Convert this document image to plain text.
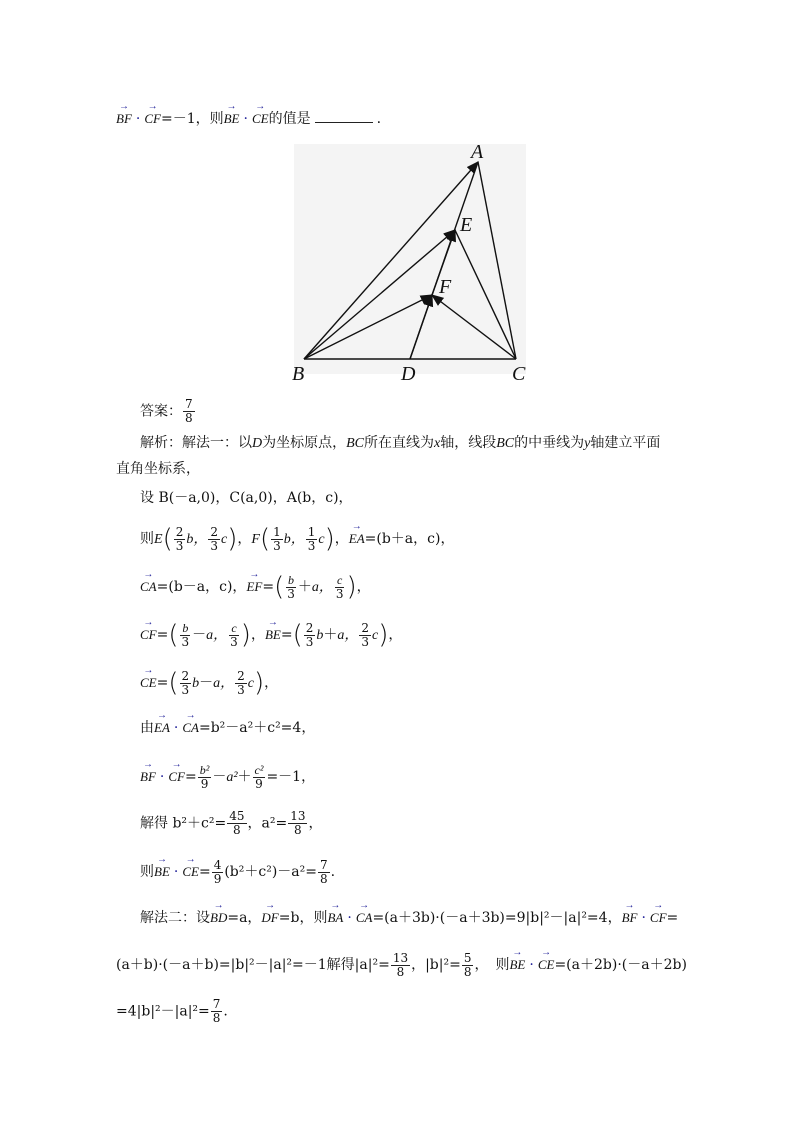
→ BF · → CF=－1，则→ BE · → CE的值是	.
A
E
F
B	D	C
答案： $\frac{7}{8}$
解析：解法一：以D为坐标原点，BC所在直线为x轴，线段BC的中垂线为y轴建立平面
直角坐标系，
设 B(－a,0)，C(a,0)，A(b，c)，
则$E( \frac{2}{3}$ b， $\frac{2}{3} c$)，$F( \frac{1}{3}$ b， $\frac{1}{3} c$)，→ EA=(b＋a，c)，
→ CA=(b－a，c)，→ $EF=( \frac{b}{3} +a$， $\frac{c}{3}$ )，
→ $CF=( \frac{b}{3} -a$， $\frac{c}{3}$ )，→ $BE=( \frac{2}{3} b+a$， $\frac{2}{3} c$)，
→ $CE=( \frac{2}{3} b-a$， $\frac{2}{3} c$)，
由→ EA · → CA=b²－a²＋c²=4，
→ BF · → $CF= \frac{\text{b²}}{9} -a^2+ \frac{\text{c²}}{9} =-1$，
解得 $b^2+c^2= \frac{45}{8}$ ，$a^2= \frac{13}{8}$ ，
则→ BE · → $CE= \frac{4}{9} (b^2+c^2)-a^2= \frac{7}{8}$ .
解法二：设→ BD=a，→ DF=b，则→ BA · → CA=(a＋3b)·(－a＋3b)=9|b|²－|a|²=4，→ BF · → CF=
(a＋b)·(－a＋b)=|b|²－|a|²=－1解得$|a|^2= \frac{13}{8}$ ，$|b|^2= \frac{5}{8}$ ，　则→ BE · → CE=(a＋2b)·(－a＋2b)
$=4|b|^2-|a|^2= \frac{7}{8}$ .
